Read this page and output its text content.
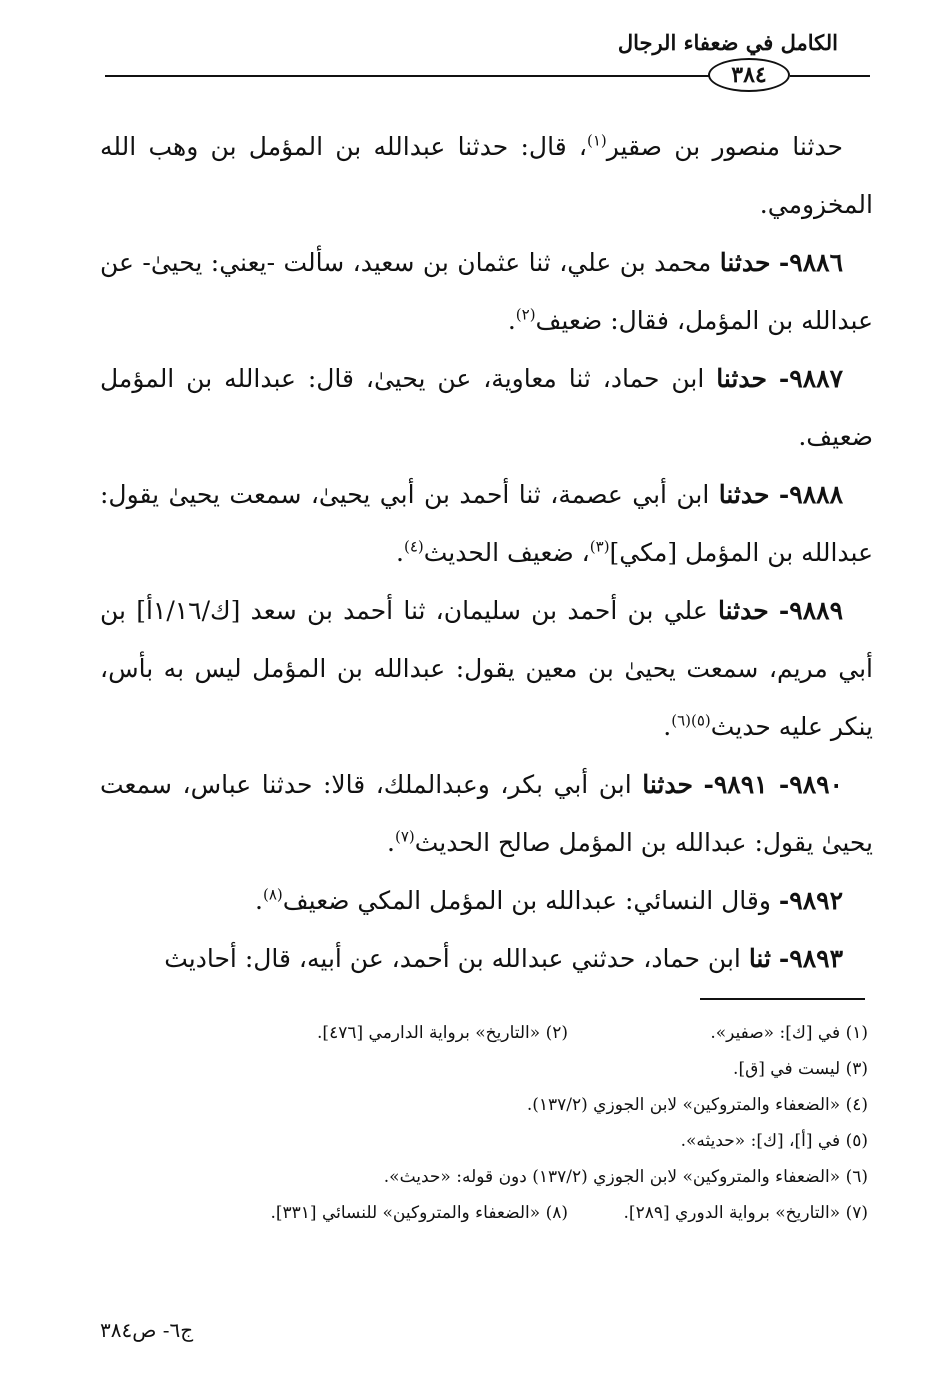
الكامل في ضعفاء الرجال
٣٨٤

حدثنا منصور بن صقير$^{(١)}$، قال: حدثنا عبدالله بن المؤمل بن وهب الله المخزومي.

٩٨٨٦- حدثنا محمد بن علي، ثنا عثمان بن سعيد، سألت -يعني: يحيىٰ- عن عبدالله بن المؤمل، فقال: ضعيف$^{(٢)}$.

٩٨٨٧- حدثنا ابن حماد، ثنا معاوية، عن يحيىٰ، قال: عبدالله بن المؤمل ضعيف.

٩٨٨٨- حدثنا ابن أبي عصمة، ثنا أحمد بن أبي يحيىٰ، سمعت يحيىٰ يقول: عبدالله بن المؤمل [مكي]$^{(٣)}$، ضعيف الحديث$^{(٤)}$.

٩٨٨٩- حدثنا علي بن أحمد بن سليمان، ثنا أحمد بن سعد [ك/١/١٦أ] بن أبي مريم، سمعت يحيىٰ بن معين يقول: عبدالله بن المؤمل ليس به بأس، ينكر عليه حديث$^{(٥)(٦)}$.

٩٨٩٠- ٩٨٩١- حدثنا ابن أبي بكر، وعبدالملك، قالا: حدثنا عباس، سمعت يحيىٰ يقول: عبدالله بن المؤمل صالح الحديث$^{(٧)}$.

٩٨٩٢- وقال النسائي: عبدالله بن المؤمل المكي ضعيف$^{(٨)}$.

٩٨٩٣- ثنا ابن حماد، حدثني عبدالله بن أحمد، عن أبيه، قال: أحاديث

(١) في [ك]: «صفير».
(٢) «التاريخ» برواية الدارمي [٤٧٦].
(٣) ليست في [ق].
(٤) «الضعفاء والمتروكين» لابن الجوزي (١٣٧/٢).
(٥) في [أ]، [ك]: «حديثه».
(٦) «الضعفاء والمتروكين» لابن الجوزي (١٣٧/٢) دون قوله: «حديث».
(٧) «التاريخ» برواية الدوري [٢٨٩].
(٨) «الضعفاء والمتروكين» للنسائي [٣٣١].
ج٦- ص٣٨٤
